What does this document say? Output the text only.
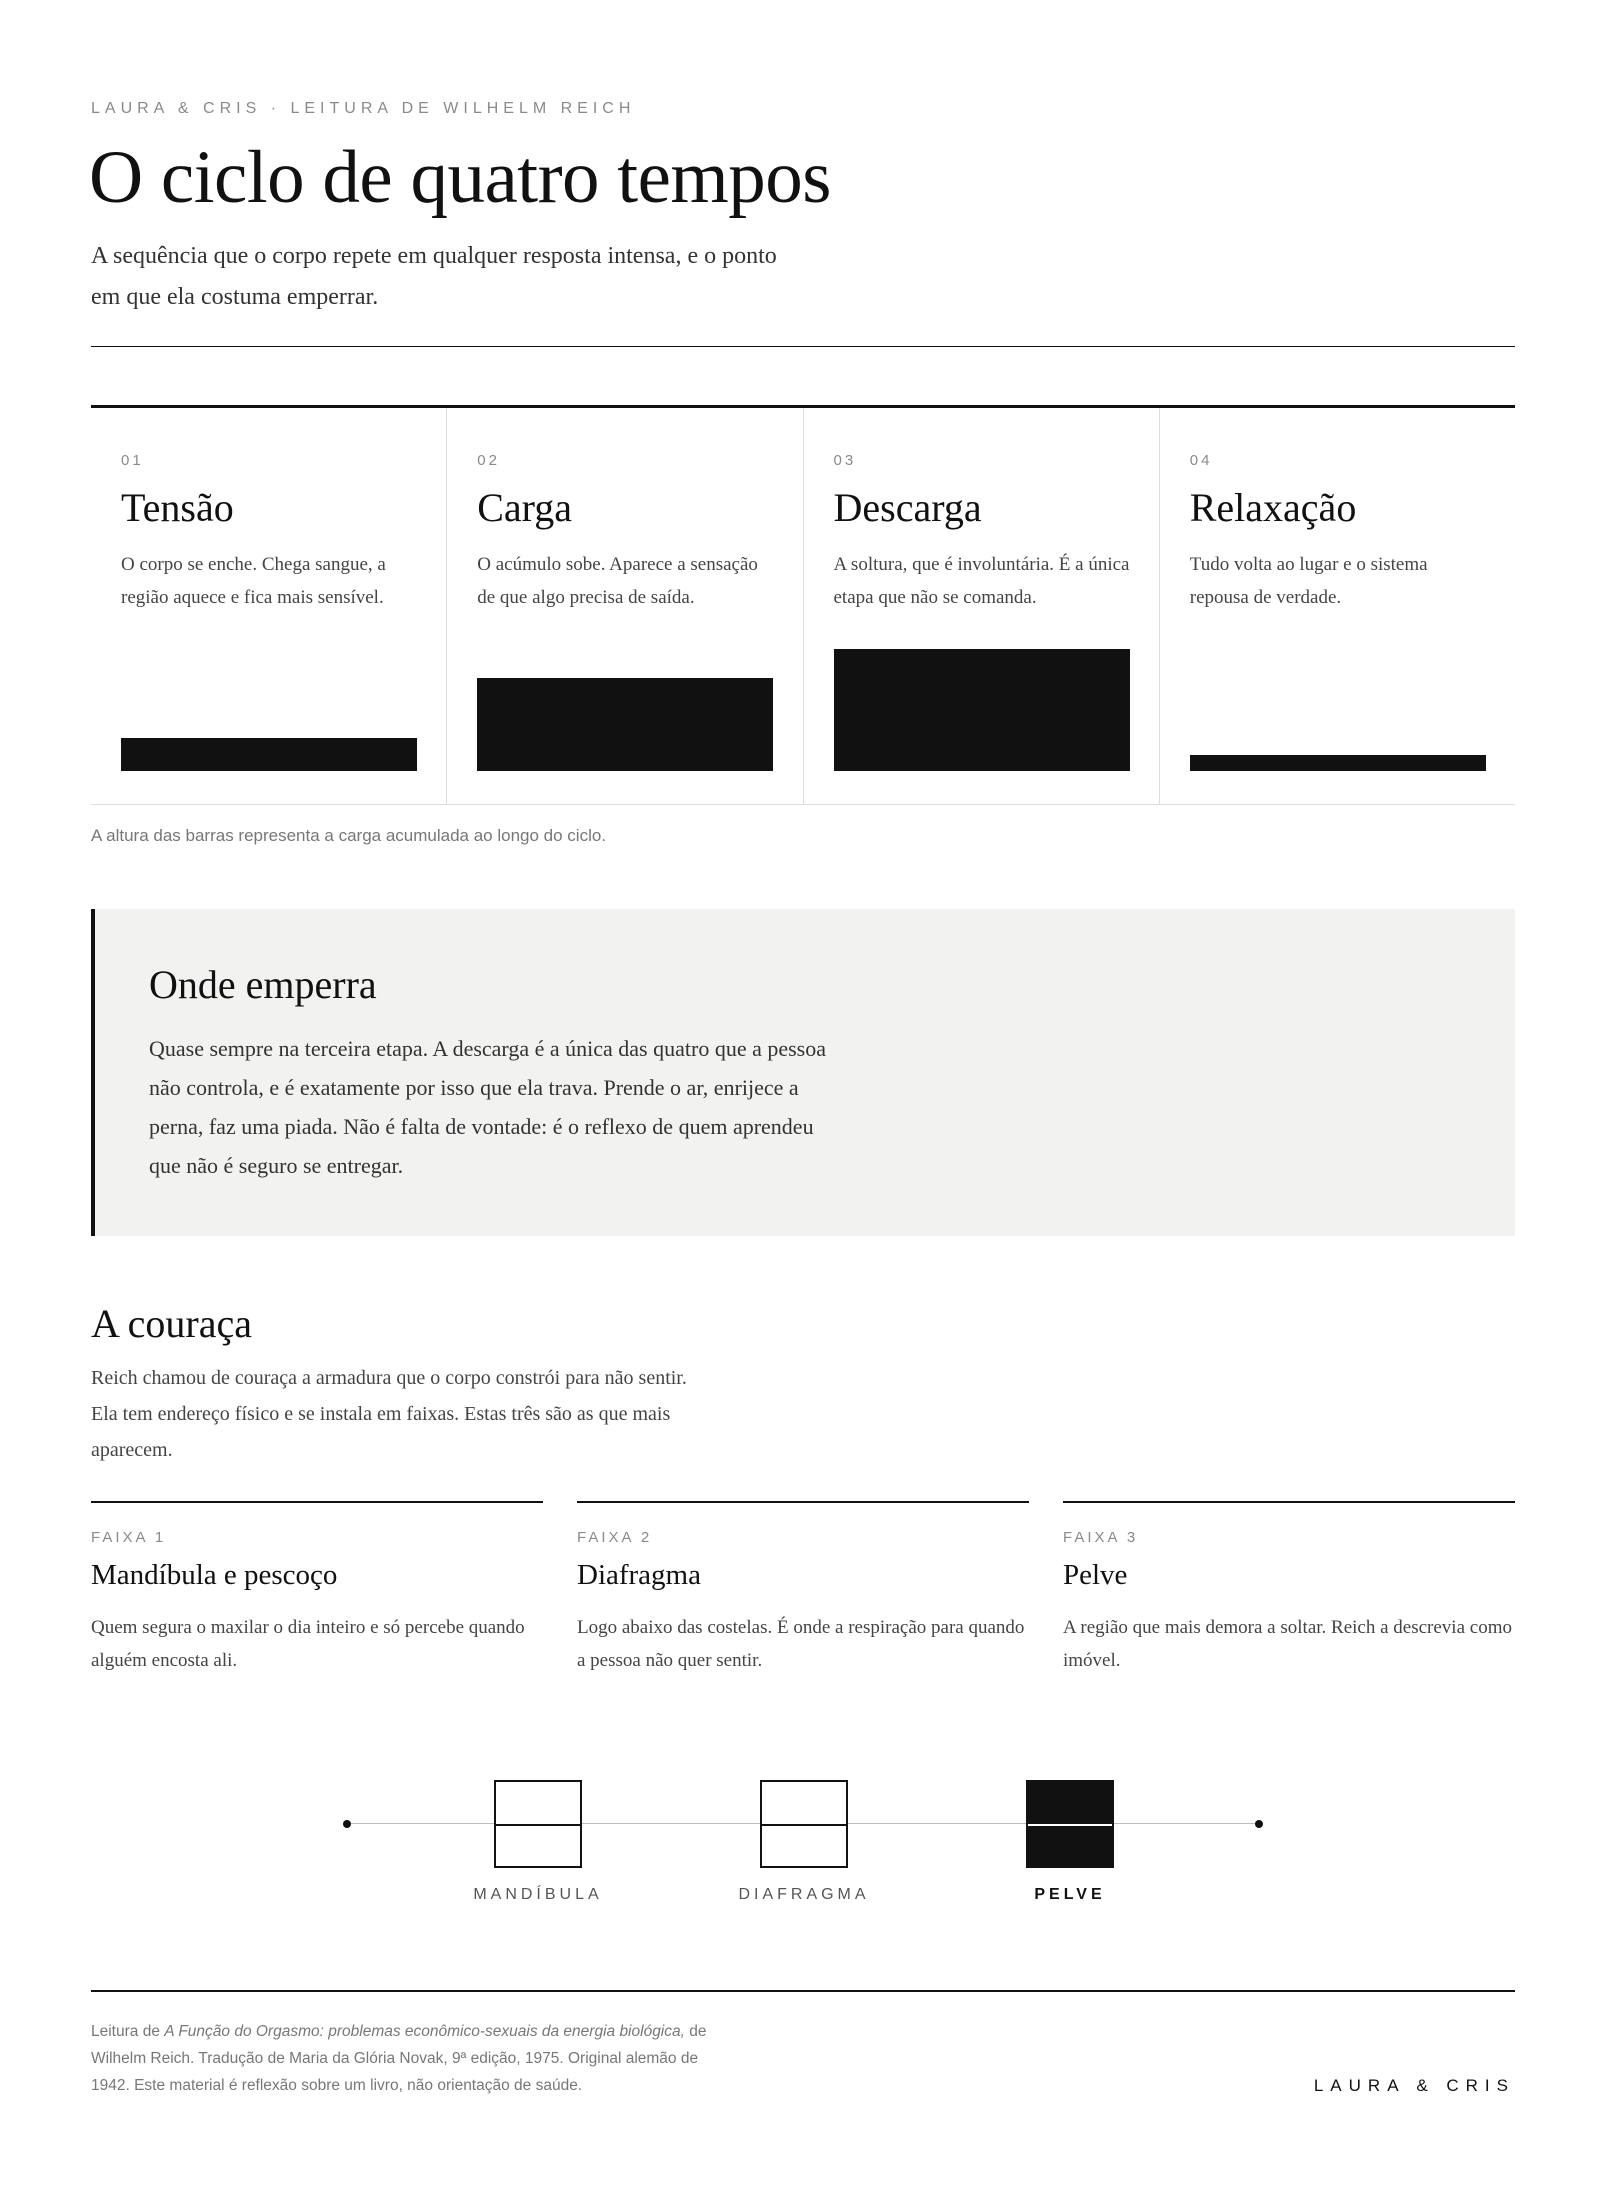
LAURA & CRIS · LEITURA DE WILHELM REICH
O ciclo de quatro tempos

A sequência que o corpo repete em qualquer resposta intensa, e o ponto em que ela costuma emperrar.

01
Tensão
O corpo se enche. Chega sangue, a região aquece e fica mais sensível.
02
Carga
O acúmulo sobe. Aparece a sensação de que algo precisa de saída.
03
Descarga
A soltura, que é involuntária. É a única etapa que não se comanda.
04
Relaxação
Tudo volta ao lugar e o sistema repousa de verdade.
A altura das barras representa a carga acumulada ao longo do ciclo.
Onde emperra

Quase sempre na terceira etapa. A descarga é a única das quatro que a pessoa não controla, e é exatamente por isso que ela trava. Prende o ar, enrijece a perna, faz uma piada. Não é falta de vontade: é o reflexo de quem aprendeu que não é seguro se entregar.

A couraça

Reich chamou de couraça a armadura que o corpo constrói para não sentir. Ela tem endereço físico e se instala em faixas. Estas três são as que mais aparecem.

FAIXA 1
Mandíbula e pescoço
Quem segura o maxilar o dia inteiro e só percebe quando alguém encosta ali.
FAIXA 2
Diafragma
Logo abaixo das costelas. É onde a respiração para quando a pessoa não quer sentir.
FAIXA 3
Pelve
A região que mais demora a soltar. Reich a descrevia como imóvel.
MANDÍBULA	DIAFRAGMA	PELVE
Leitura de A Função do Orgasmo: problemas econômico-sexuais da energia biológica, de Wilhelm Reich. Tradução de Maria da Glória Novak, 9ª edição, 1975. Original alemão de 1942. Este material é reflexão sobre um livro, não orientação de saúde.	LAURA & CRIS
